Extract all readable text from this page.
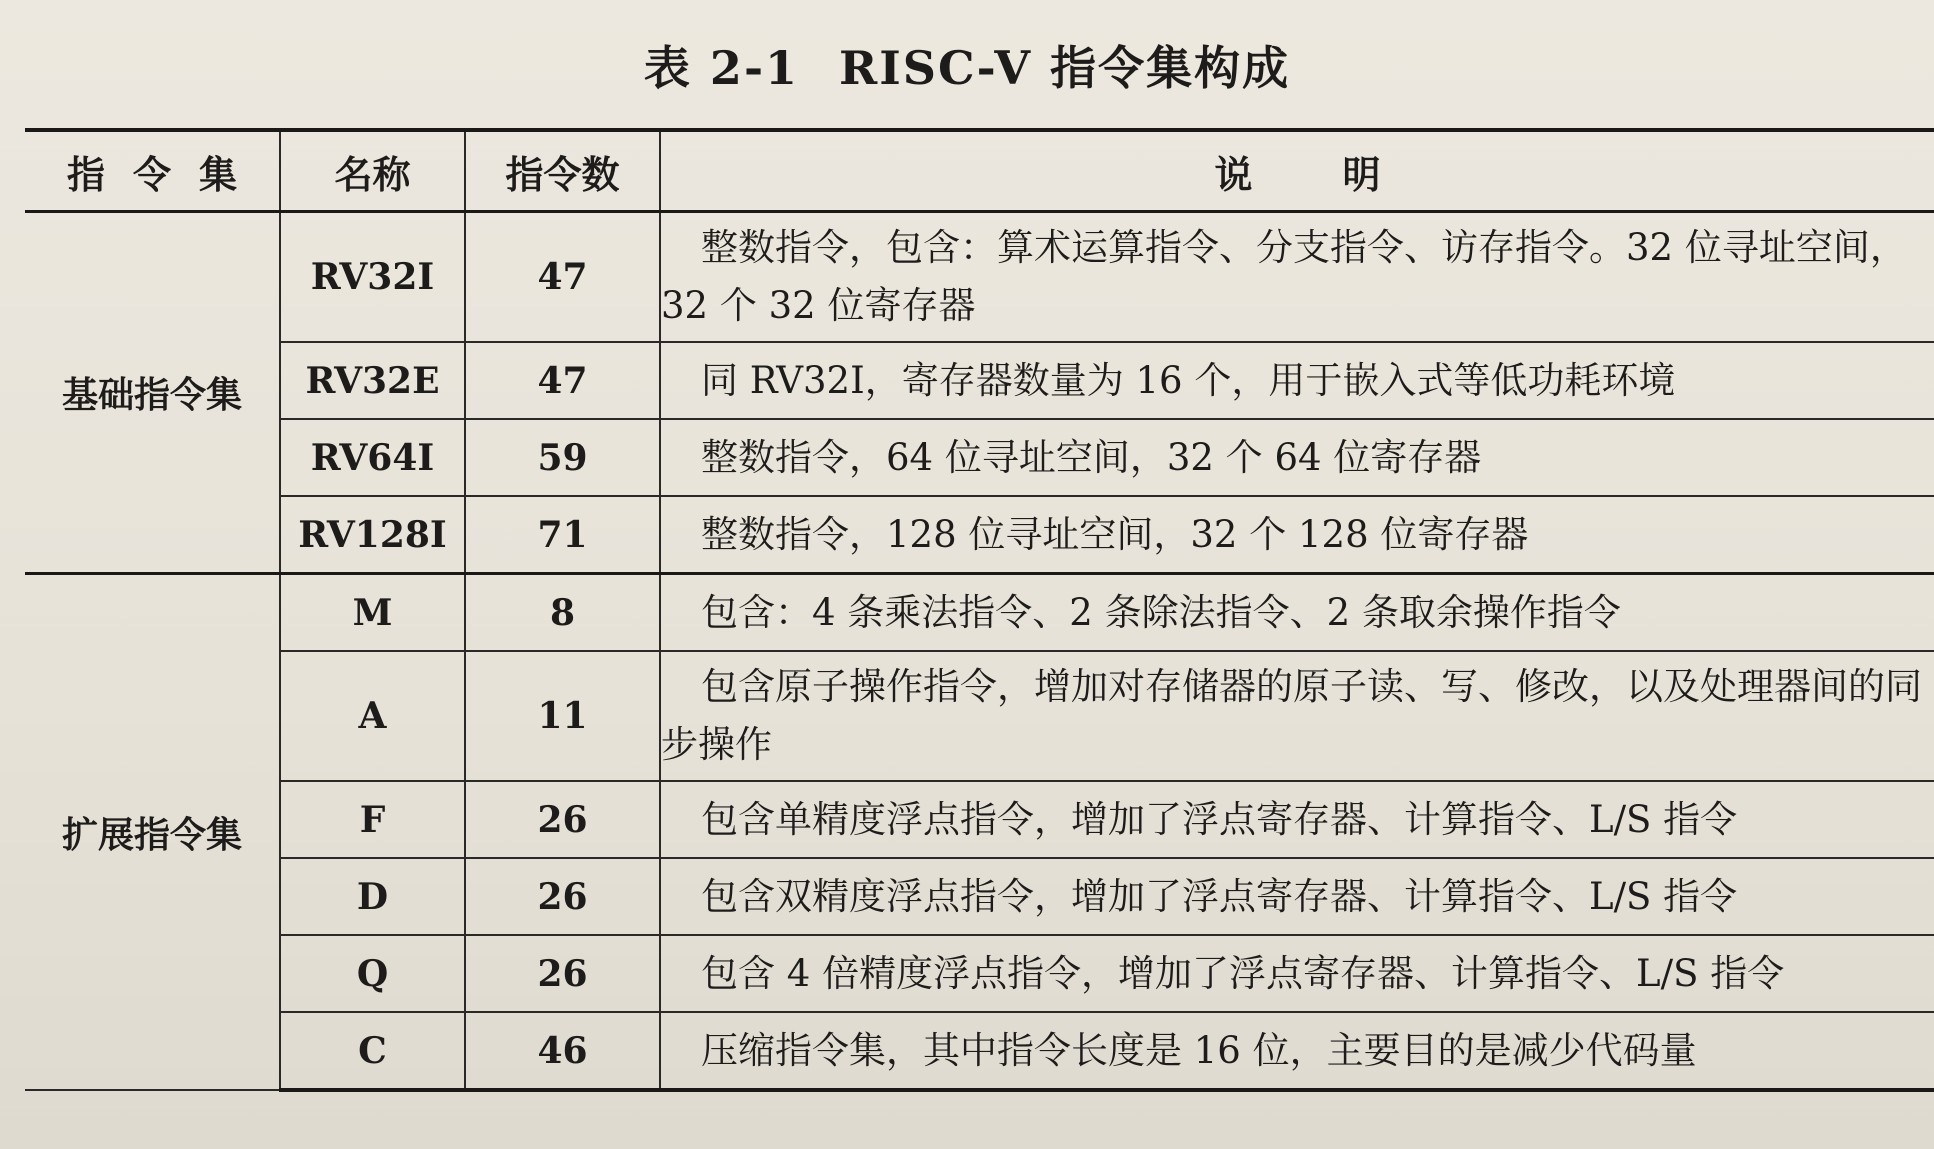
表 2-1 RISC-V 指令集构成
指令集	名称	指令数	说明
基础指令集	RV32I	47	整数指令，包含：算术运算指令、分支指令、访存指令。32 位寻址空间，32 个 32 位寄存器
	RV32E	47	同 RV32I，寄存器数量为 16 个，用于嵌入式等低功耗环境
	RV64I	59	整数指令，64 位寻址空间，32 个 64 位寄存器
	RV128I	71	整数指令，128 位寻址空间，32 个 128 位寄存器
扩展指令集	M	8	包含：4 条乘法指令、2 条除法指令、2 条取余操作指令
	A	11	包含原子操作指令，增加对存储器的原子读、写、修改，以及处理器间的同步操作
	F	26	包含单精度浮点指令，增加了浮点寄存器、计算指令、L/S 指令
	D	26	包含双精度浮点指令，增加了浮点寄存器、计算指令、L/S 指令
	Q	26	包含 4 倍精度浮点指令，增加了浮点寄存器、计算指令、L/S 指令
	C	46	压缩指令集，其中指令长度是 16 位，主要目的是减少代码量
